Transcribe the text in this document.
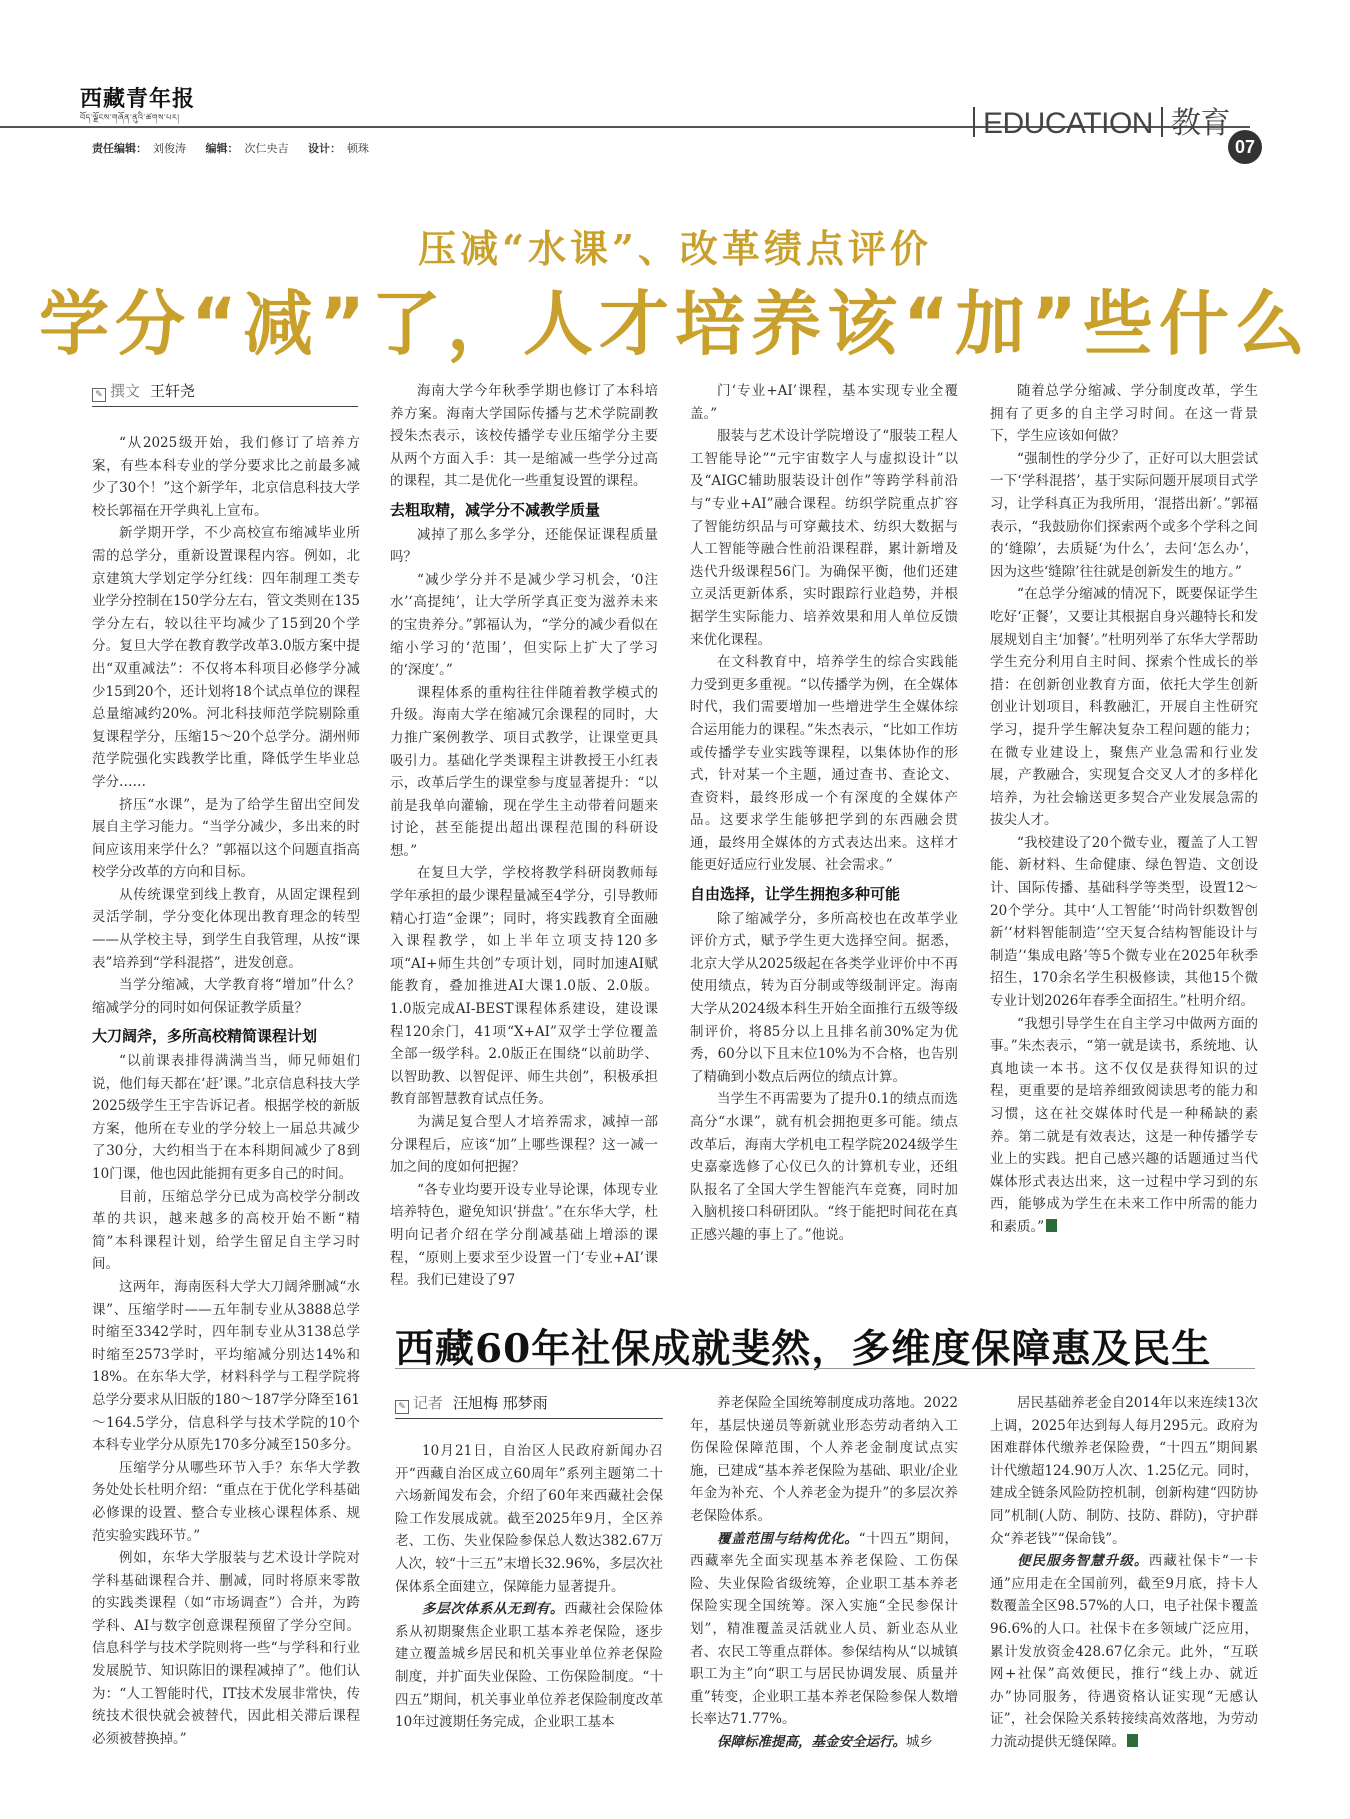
西藏青年报
བོད་ལྗོངས་གཞོན་ནུའི་ཚགས་པར།
责任编辑： 刘俊涛 编辑： 次仁央吉 设计： 顿珠
EDUCATION 教育
07
压减“水课”、改革绩点评价
学分“减”了，人才培养该“加”些什么
✎ 撰文 王轩尧

“从2025级开始，我们修订了培养方案，有些本科专业的学分要求比之前最多减少了30个！”这个新学年，北京信息科技大学校长郭福在开学典礼上宣布。

新学期开学，不少高校宣布缩减毕业所需的总学分，重新设置课程内容。例如，北京建筑大学划定学分红线：四年制理工类专业学分控制在150学分左右，管文类则在135学分左右，较以往平均减少了15到20个学分。复旦大学在教育教学改革3.0版方案中提出“双重减法”：不仅将本科项目必修学分减少15到20个，还计划将18个试点单位的课程总量缩减约20%。河北科技师范学院剔除重复课程学分，压缩15～20个总学分。湖州师范学院强化实践教学比重，降低学生毕业总学分……

挤压“水课”，是为了给学生留出空间发展自主学习能力。“当学分减少，多出来的时间应该用来学什么？”郭福以这个问题直指高校学分改革的方向和目标。

从传统课堂到线上教育，从固定课程到灵活学制，学分变化体现出教育理念的转型——从学校主导，到学生自我管理，从按“课表”培养到“学科混搭”，进发创意。

当学分缩减，大学教育将“增加”什么？缩减学分的同时如何保证教学质量？

大刀阔斧，多所高校精简课程计划

“以前课表排得满满当当，师兄师姐们说，他们每天都在‘赶’课。”北京信息科技大学2025级学生王宇告诉记者。根据学校的新版方案，他所在专业的学分较上一届总共减少了30分，大约相当于在本科期间减少了8到10门课，他也因此能拥有更多自己的时间。

目前，压缩总学分已成为高校学分制改革的共识，越来越多的高校开始不断“精简”本科课程计划，给学生留足自主学习时间。

这两年，海南医科大学大刀阔斧删减“水课”、压缩学时——五年制专业从3888总学时缩至3342学时，四年制专业从3138总学时缩至2573学时，平均缩减分别达14%和18%。在东华大学，材料科学与工程学院将总学分要求从旧版的180～187学分降至161～164.5学分，信息科学与技术学院的10个本科专业学分从原先170多分减至150多分。

压缩学分从哪些环节入手？东华大学教务处处长杜明介绍：“重点在于优化学科基础必修课的设置、整合专业核心课程体系、规范实验实践环节。”

例如，东华大学服装与艺术设计学院对学科基础课程合并、删减，同时将原来零散的实践类课程（如“市场调查”）合并，为跨学科、AI与数字创意课程预留了学分空间。信息科学与技术学院则将一些“与学科和行业发展脱节、知识陈旧的课程减掉了”。他们认为：“人工智能时代，IT技术发展非常快，传统技术很快就会被替代，因此相关滞后课程必须被替换掉。”

海南大学今年秋季学期也修订了本科培养方案。海南大学国际传播与艺术学院副教授朱杰表示，该校传播学专业压缩学分主要从两个方面入手：其一是缩减一些学分过高的课程，其二是优化一些重复设置的课程。

去粗取精，减学分不减教学质量

减掉了那么多学分，还能保证课程质量吗？

“减少学分并不是减少学习机会，‘0注水’‘高提纯’，让大学所学真正变为滋养未来的宝贵养分。”郭福认为，“学分的减少看似在缩小学习的‘范围’，但实际上扩大了学习的‘深度’。”

课程体系的重构往往伴随着教学模式的升级。海南大学在缩减冗余课程的同时，大力推广案例教学、项目式教学，让课堂更具吸引力。基础化学类课程主讲教授王小红表示，改革后学生的课堂参与度显著提升：“以前是我单向灌输，现在学生主动带着问题来讨论，甚至能提出超出课程范围的科研设想。”

在复旦大学，学校将教学科研岗教师每学年承担的最少课程量减至4学分，引导教师精心打造“金课”；同时，将实践教育全面融入课程教学，如上半年立项支持120多项“AI+师生共创”专项计划，同时加速AI赋能教育，叠加推进AI大课1.0版、2.0版。1.0版完成AI-BEST课程体系建设，建设课程120余门，41项“X+AI”双学士学位覆盖全部一级学科。2.0版正在围绕“以前助学、以智助教、以智促评、师生共创”，积极承担教育部智慧教育试点任务。

为满足复合型人才培养需求，减掉一部分课程后，应该“加”上哪些课程？这一减一加之间的度如何把握？

“各专业均要开设专业导论课，体现专业培养特色，避免知识‘拼盘’。”在东华大学，杜明向记者介绍在学分削减基础上增添的课程，“原则上要求至少设置一门‘专业+AI’课程。我们已建设了97

门‘专业+AI’课程，基本实现专业全覆盖。”

服装与艺术设计学院增设了“服装工程人工智能导论”“元宇宙数字人与虚拟设计”以及“AIGC辅助服装设计创作”等跨学科前沿与“专业+AI”融合课程。纺织学院重点扩容了智能纺织品与可穿戴技术、纺织大数据与人工智能等融合性前沿课程群，累计新增及迭代升级课程56门。为确保平衡，他们还建立灵活更新体系，实时跟踪行业趋势，并根据学生实际能力、培养效果和用人单位反馈来优化课程。

在文科教育中，培养学生的综合实践能力受到更多重视。“以传播学为例，在全媒体时代，我们需要增加一些增进学生全媒体综合运用能力的课程。”朱杰表示，“比如工作坊或传播学专业实践等课程，以集体协作的形式，针对某一个主题，通过查书、查论文、查资料，最终形成一个有深度的全媒体产品。这要求学生能够把学到的东西融会贯通，最终用全媒体的方式表达出来。这样才能更好适应行业发展、社会需求。”

自由选择，让学生拥抱多种可能

除了缩减学分，多所高校也在改革学业评价方式，赋予学生更大选择空间。据悉，北京大学从2025级起在各类学业评价中不再使用绩点，转为百分制或等级制评定。海南大学从2024级本科生开始全面推行五级等级制评价，将85分以上且排名前30%定为优秀，60分以下且末位10%为不合格，也告别了精确到小数点后两位的绩点计算。

当学生不再需要为了提升0.1的绩点而选高分“水课”，就有机会拥抱更多可能。绩点改革后，海南大学机电工程学院2024级学生史嘉豪选修了心仪已久的计算机专业，还组队报名了全国大学生智能汽车竞赛，同时加入脑机接口科研团队。“终于能把时间花在真正感兴趣的事上了。”他说。

随着总学分缩减、学分制度改革，学生拥有了更多的自主学习时间。在这一背景下，学生应该如何做？

“强制性的学分少了，正好可以大胆尝试一下‘学科混搭’，基于实际问题开展项目式学习，让学科真正为我所用，‘混搭出新’。”郭福表示，“我鼓励你们探索两个或多个学科之间的‘缝隙’，去质疑‘为什么’，去问‘怎么办’，因为这些‘缝隙’往往就是创新发生的地方。”

“在总学分缩减的情况下，既要保证学生吃好‘正餐’，又要让其根据自身兴趣特长和发展规划自主‘加餐’。”杜明列举了东华大学帮助学生充分利用自主时间、探索个性成长的举措：在创新创业教育方面，依托大学生创新创业计划项目，科教融汇，开展自主性研究学习，提升学生解决复杂工程问题的能力；在微专业建设上，聚焦产业急需和行业发展，产教融合，实现复合交叉人才的多样化培养，为社会输送更多契合产业发展急需的拔尖人才。

“我校建设了20个微专业，覆盖了人工智能、新材料、生命健康、绿色智造、文创设计、国际传播、基础科学等类型，设置12～20个学分。其中‘人工智能’‘时尚针织数智创新’‘材料智能制造’‘空天复合结构智能设计与制造’‘集成电路’等5个微专业在2025年秋季招生，170余名学生积极修读，其他15个微专业计划2026年春季全面招生。”杜明介绍。

“我想引导学生在自主学习中做两方面的事。”朱杰表示，“第一就是读书，系统地、认真地读一本书。这不仅仅是获得知识的过程，更重要的是培养细致阅读思考的能力和习惯，这在社交媒体时代是一种稀缺的素养。第二就是有效表达，这是一种传播学专业上的实践。把自己感兴趣的话题通过当代媒体形式表达出来，这一过程中学习到的东西，能够成为学生在未来工作中所需的能力和素质。”

西藏60年社保成就斐然，多维度保障惠及民生
✎ 记者 汪旭梅 邢梦雨

10月21日，自治区人民政府新闻办召开“西藏自治区成立60周年”系列主题第二十六场新闻发布会，介绍了60年来西藏社会保险工作发展成就。截至2025年9月，全区养老、工伤、失业保险参保总人数达382.67万人次，较“十三五”末增长32.96%，多层次社保体系全面建立，保障能力显著提升。

多层次体系从无到有。西藏社会保险体系从初期聚焦企业职工基本养老保险，逐步建立覆盖城乡居民和机关事业单位养老保险制度，并扩面失业保险、工伤保险制度。“十四五”期间，机关事业单位养老保险制度改革10年过渡期任务完成，企业职工基本

养老保险全国统筹制度成功落地。2022年，基层快递员等新就业形态劳动者纳入工伤保险保障范围，个人养老金制度试点实施，已建成“基本养老保险为基础、职业/企业年金为补充、个人养老金为提升”的多层次养老保险体系。

覆盖范围与结构优化。“十四五”期间，西藏率先全面实现基本养老保险、工伤保险、失业保险省级统筹，企业职工基本养老保险实现全国统筹。深入实施“全民参保计划”，精准覆盖灵活就业人员、新业态从业者、农民工等重点群体。参保结构从“以城镇职工为主”向“职工与居民协调发展、质量并重”转变，企业职工基本养老保险参保人数增长率达71.77%。

保障标准提高，基金安全运行。城乡

居民基础养老金自2014年以来连续13次上调，2025年达到每人每月295元。政府为困难群体代缴养老保险费，“十四五”期间累计代缴超124.90万人次、1.25亿元。同时，建成全链条风险防控机制，创新构建“四防协同”机制(人防、制防、技防、群防)，守护群众“养老钱”“保命钱”。

便民服务智慧升级。西藏社保卡“一卡通”应用走在全国前列，截至9月底，持卡人数覆盖全区98.57%的人口，电子社保卡覆盖96.6%的人口。社保卡在多领域广泛应用，累计发放资金428.67亿余元。此外，“互联网+社保”高效便民，推行“线上办、就近办”协同服务，待遇资格认证实现“无感认证”，社会保险关系转接续高效落地，为劳动力流动提供无缝保障。
